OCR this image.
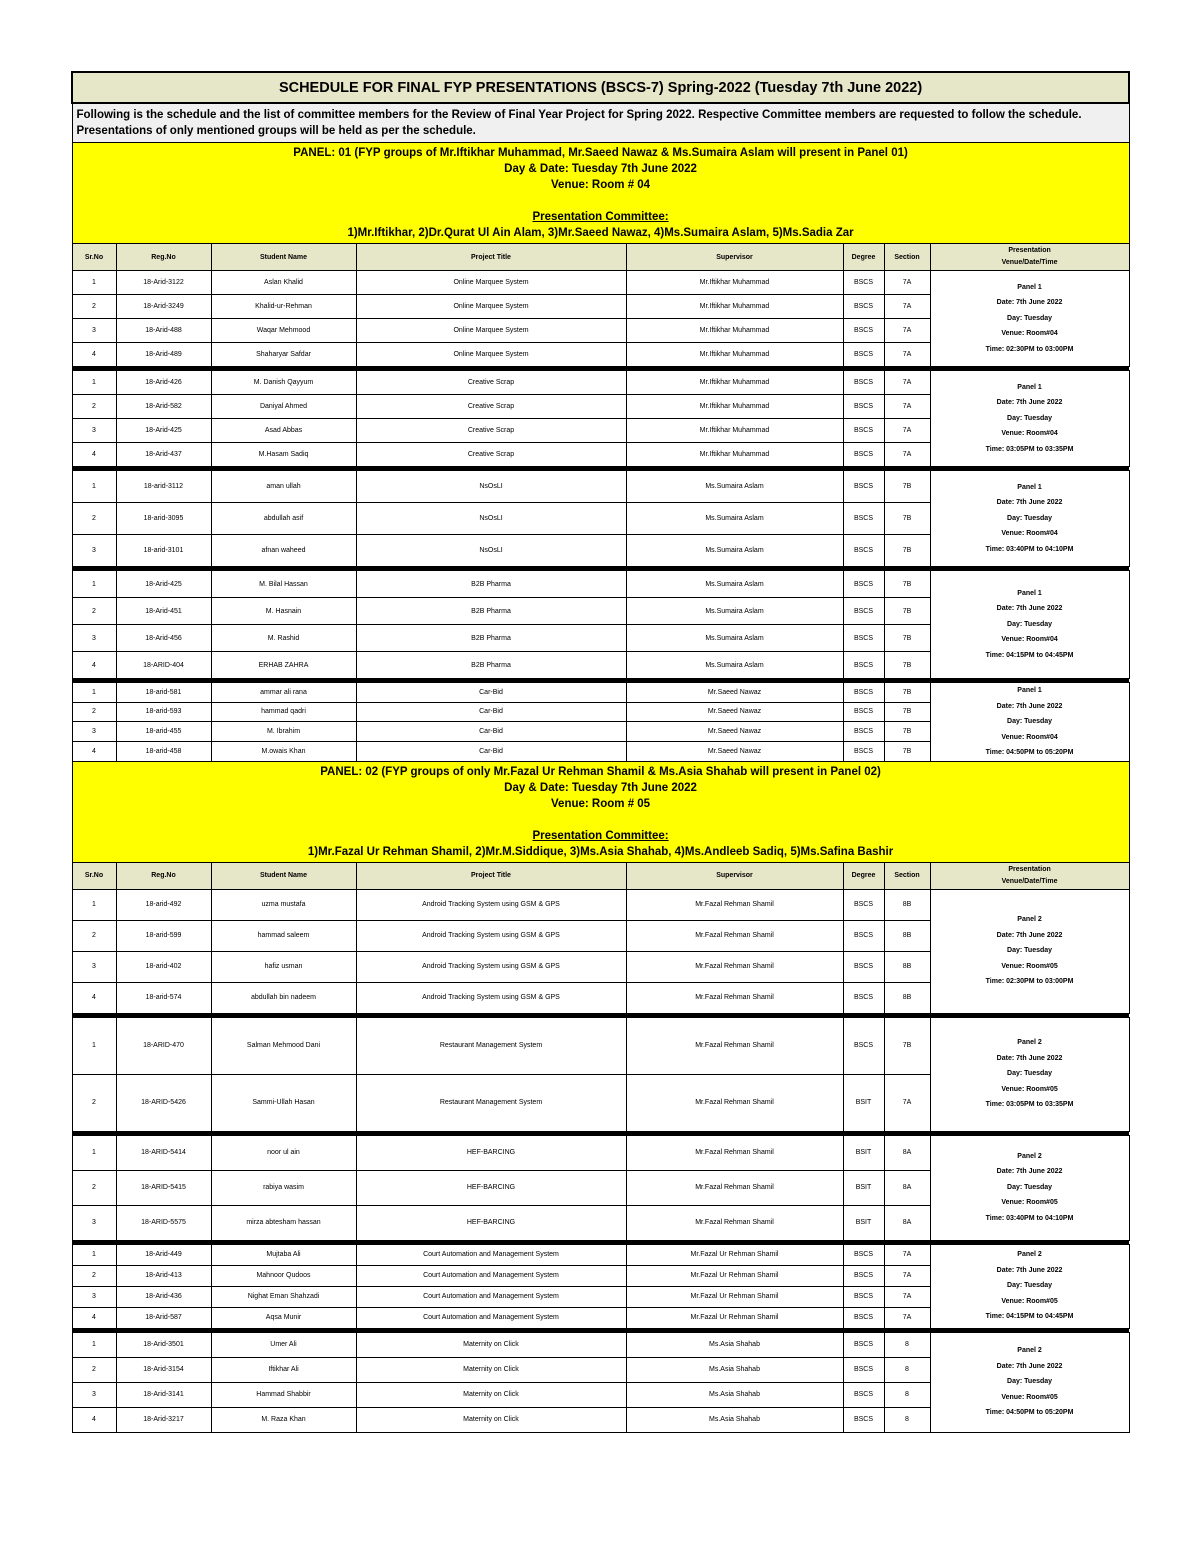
SCHEDULE FOR FINAL FYP PRESENTATIONS (BSCS-7) Spring-2022 (Tuesday 7th June 2022)							
Following is the schedule and the list of committee members for the Review of Final Year Project for Spring 2022. Respective Committee members are requested to follow the schedule.
Presentations of only mentioned groups will be held as per the schedule.							

PANEL: 01 (FYP groups of Mr.Iftikhar Muhammad, Mr.Saeed Nawaz & Ms.Sumaira Aslam will present in Panel 01)
Day & Date: Tuesday 7th June 2022
Venue: Room # 04
Presentation Committee:
1)Mr.Iftikhar, 2)Dr.Qurat Ul Ain Alam, 3)Mr.Saeed Nawaz, 4)Ms.Sumaira Aslam, 5)Ms.Sadia Zar							

Sr.No	Reg.No	Student Name	Project Title	Supervisor	Degree	Section	Presentation
Venue/Date/Time

1	18-Arid-3122	Aslan Khalid	Online Marquee System	Mr.Iftikhar Muhammad	BSCS	7A	Panel 1
Date: 7th June 2022
Day: Tuesday
Venue: Room#04
Time: 02:30PM to 03:00PM

2	18-Arid-3249	Khalid-ur-Rehman	Online Marquee System	Mr.Iftikhar Muhammad	BSCS	7A	
3	18-Arid-488	Waqar Mehmood	Online Marquee System	Mr.Iftikhar Muhammad	BSCS	7A	
4	18-Arid-489	Shaharyar Safdar	Online Marquee System	Mr.Iftikhar Muhammad	BSCS	7A	

1	18-Arid-426	M. Danish Qayyum	Creative Scrap	Mr.Iftikhar Muhammad	BSCS	7A	Panel 1
Date: 7th June 2022
Day: Tuesday
Venue: Room#04
Time: 03:05PM to 03:35PM

2	18-Arid-582	Daniyal Ahmed	Creative Scrap	Mr.Iftikhar Muhammad	BSCS	7A	
3	18-Arid-425	Asad Abbas	Creative Scrap	Mr.Iftikhar Muhammad	BSCS	7A	
4	18-Arid-437	M.Hasam Sadiq	Creative Scrap	Mr.Iftikhar Muhammad	BSCS	7A	

1	18-arid-3112	aman ullah	NsOsLI	Ms.Sumaira Aslam	BSCS	7B	Panel 1
Date: 7th June 2022
Day: Tuesday
Venue: Room#04
Time: 03:40PM to 04:10PM

2	18-arid-3095	abdullah asif	NsOsLI	Ms.Sumaira Aslam	BSCS	7B	
3	18-arid-3101	afnan waheed	NsOsLI	Ms.Sumaira Aslam	BSCS	7B	

1	18-Arid-425	M. Bilal Hassan	B2B Pharma	Ms.Sumaira Aslam	BSCS	7B	Panel 1
Date: 7th June 2022
Day: Tuesday
Venue: Room#04
Time: 04:15PM to 04:45PM

2	18-Arid-451	M. Hasnain	B2B Pharma	Ms.Sumaira Aslam	BSCS	7B	
3	18-Arid-456	M. Rashid	B2B Pharma	Ms.Sumaira Aslam	BSCS	7B	
4	18-ARID-404	ERHAB ZAHRA	B2B Pharma	Ms.Sumaira Aslam	BSCS	7B	

1	18-arid-581	ammar ali rana	Car-Bid	Mr.Saeed Nawaz	BSCS	7B	Panel 1
Date: 7th June 2022
Day: Tuesday
Venue: Room#04
Time: 04:50PM to 05:20PM

2	18-arid-593	hammad qadri	Car-Bid	Mr.Saeed Nawaz	BSCS	7B	
3	18-arid-455	M. Ibrahim	Car-Bid	Mr.Saeed Nawaz	BSCS	7B	
4	18-arid-458	M.owais Khan	Car-Bid	Mr.Saeed Nawaz	BSCS	7B	

PANEL: 02 (FYP groups of only Mr.Fazal Ur Rehman Shamil & Ms.Asia Shahab will present in Panel 02)
Day & Date: Tuesday 7th June 2022
Venue: Room # 05
Presentation Committee:
1)Mr.Fazal Ur Rehman Shamil, 2)Mr.M.Siddique, 3)Ms.Asia Shahab, 4)Ms.Andleeb Sadiq, 5)Ms.Safina Bashir							

Sr.No	Reg.No	Student Name	Project Title	Supervisor	Degree	Section	Presentation
Venue/Date/Time

1	18-arid-492	uzma mustafa	Android Tracking System using GSM & GPS	Mr.Fazal Rehman Shamil	BSCS	8B	Panel 2
Date: 7th June 2022
Day: Tuesday
Venue: Room#05
Time: 02:30PM to 03:00PM

2	18-arid-599	hammad saleem	Android Tracking System using GSM & GPS	Mr.Fazal Rehman Shamil	BSCS	8B	
3	18-arid-402	hafiz usman	Android Tracking System using GSM & GPS	Mr.Fazal Rehman Shamil	BSCS	8B	
4	18-arid-574	abdullah bin nadeem	Android Tracking System using GSM & GPS	Mr.Fazal Rehman Shamil	BSCS	8B	

1	18-ARID-470	Salman Mehmood Dani	Restaurant Management System	Mr.Fazal Rehman Shamil	BSCS	7B	Panel 2
Date: 7th June 2022
Day: Tuesday
Venue: Room#05
Time: 03:05PM to 03:35PM

2	18-ARID-5426	Sammi-Ullah Hasan	Restaurant Management System	Mr.Fazal Rehman Shamil	BSIT	7A	

1	18-ARID-5414	noor ul ain	HEF-BARCING	Mr.Fazal Rehman Shamil	BSIT	8A	Panel 2
Date: 7th June 2022
Day: Tuesday
Venue: Room#05
Time: 03:40PM to 04:10PM

2	18-ARID-5415	rabiya wasim	HEF-BARCING	Mr.Fazal Rehman Shamil	BSIT	8A	
3	18-ARID-5575	mirza abtesham hassan	HEF-BARCING	Mr.Fazal Rehman Shamil	BSIT	8A	

1	18-Arid-449	Mujtaba Ali	Court Automation and Management System	Mr.Fazal Ur Rehman Shamil	BSCS	7A	Panel 2
Date: 7th June 2022
Day: Tuesday
Venue: Room#05
Time: 04:15PM to 04:45PM

2	18-Arid-413	Mahnoor Qudoos	Court Automation and Management System	Mr.Fazal Ur Rehman Shamil	BSCS	7A	
3	18-Arid-436	Nighat Eman Shahzadi	Court Automation and Management System	Mr.Fazal Ur Rehman Shamil	BSCS	7A	
4	18-Arid-587	Aqsa Munir	Court Automation and Management System	Mr.Fazal Ur Rehman Shamil	BSCS	7A	

1	18-Arid-3501	Umer Ali	Maternity on Click	Ms.Asia Shahab	BSCS	8	Panel 2
Date: 7th June 2022
Day: Tuesday
Venue: Room#05
Time: 04:50PM to 05:20PM

2	18-Arid-3154	Iftikhar Ali	Maternity on Click	Ms.Asia Shahab	BSCS	8	
3	18-Arid-3141	Hammad Shabbir	Maternity on Click	Ms.Asia Shahab	BSCS	8	
4	18-Arid-3217	M. Raza Khan	Maternity on Click	Ms.Asia Shahab	BSCS	8	
